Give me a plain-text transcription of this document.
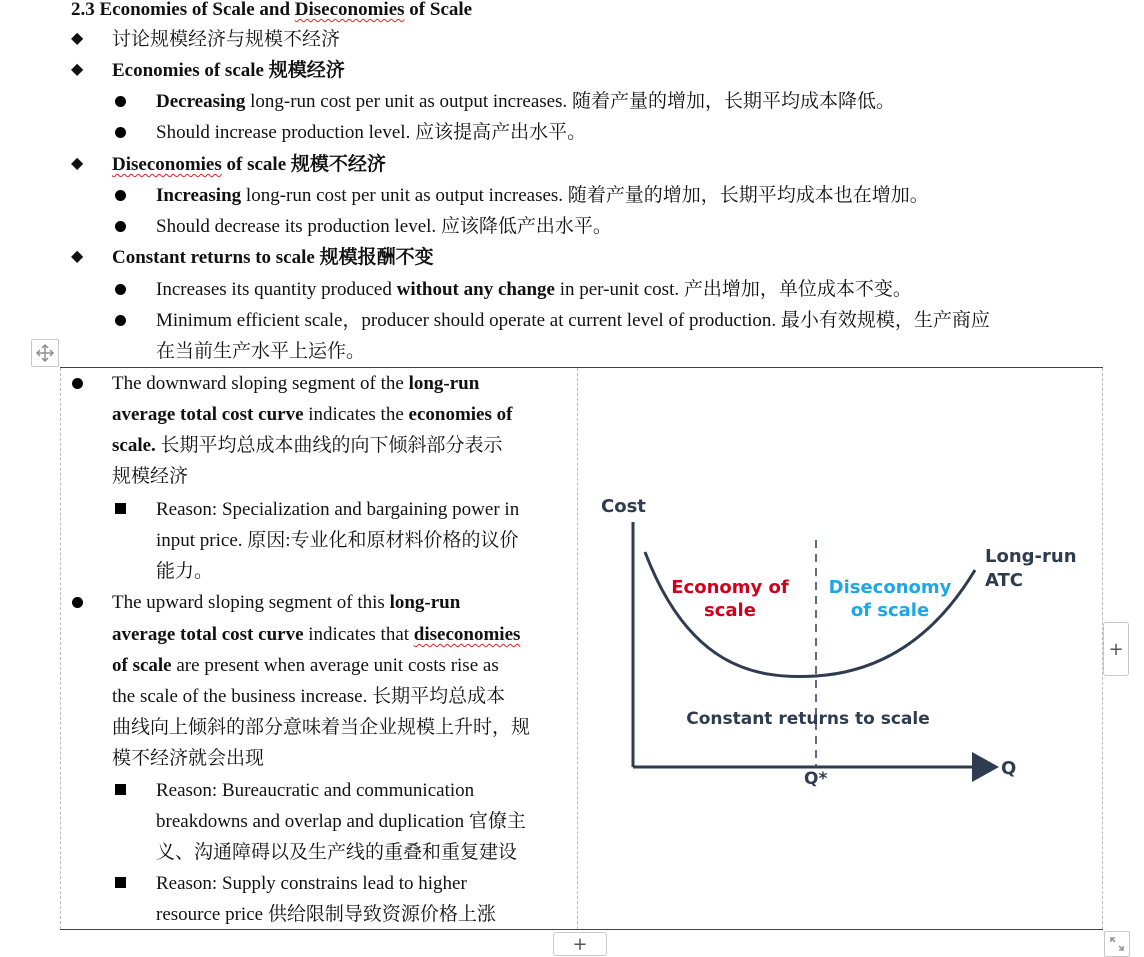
2.3 Economies of Scale and Diseconomies of Scale
◆ 讨论规模经济与规模不经济
◆ Economies of scale 规模经济
Decreasing long-run cost per unit as output increases. 随着产量的增加，长期平均成本降低。
Should increase production level. 应该提高产出水平。
◆ Diseconomies of scale 规模不经济
Increasing long-run cost per unit as output increases. 随着产量的增加，长期平均成本也在增加。
Should decrease its production level. 应该降低产出水平。
◆ Constant returns to scale 规模报酬不变
Increases its quantity produced without any change in per-unit cost. 产出增加，单位成本不变。
Minimum efficient scale，producer should operate at current level of production. 最小有效规模，生产商应
在当前生产水平上运作。
The downward sloping segment of the long-run
average total cost curve indicates the economies of
scale. 长期平均总成本曲线的向下倾斜部分表示
规模经济
Reason: Specialization and bargaining power in
input price. 原因:专业化和原材料价格的议价
能力。
The upward sloping segment of this long-run
average total cost curve indicates that diseconomies
of scale are present when average unit costs rise as
the scale of the business increase. 长期平均总成本
曲线向上倾斜的部分意味着当企业规模上升时，规
模不经济就会出现
Reason: Bureaucratic and communication
breakdowns and overlap and duplication 官僚主
义、沟通障碍以及生产线的重叠和重复建设
Reason: Supply constrains lead to higher
resource price 供给限制导致资源价格上涨
Cost
Q
Q*
Long-run
ATC
Economy of
scale
Diseconomy
of scale
Constant returns to scale
+
+
